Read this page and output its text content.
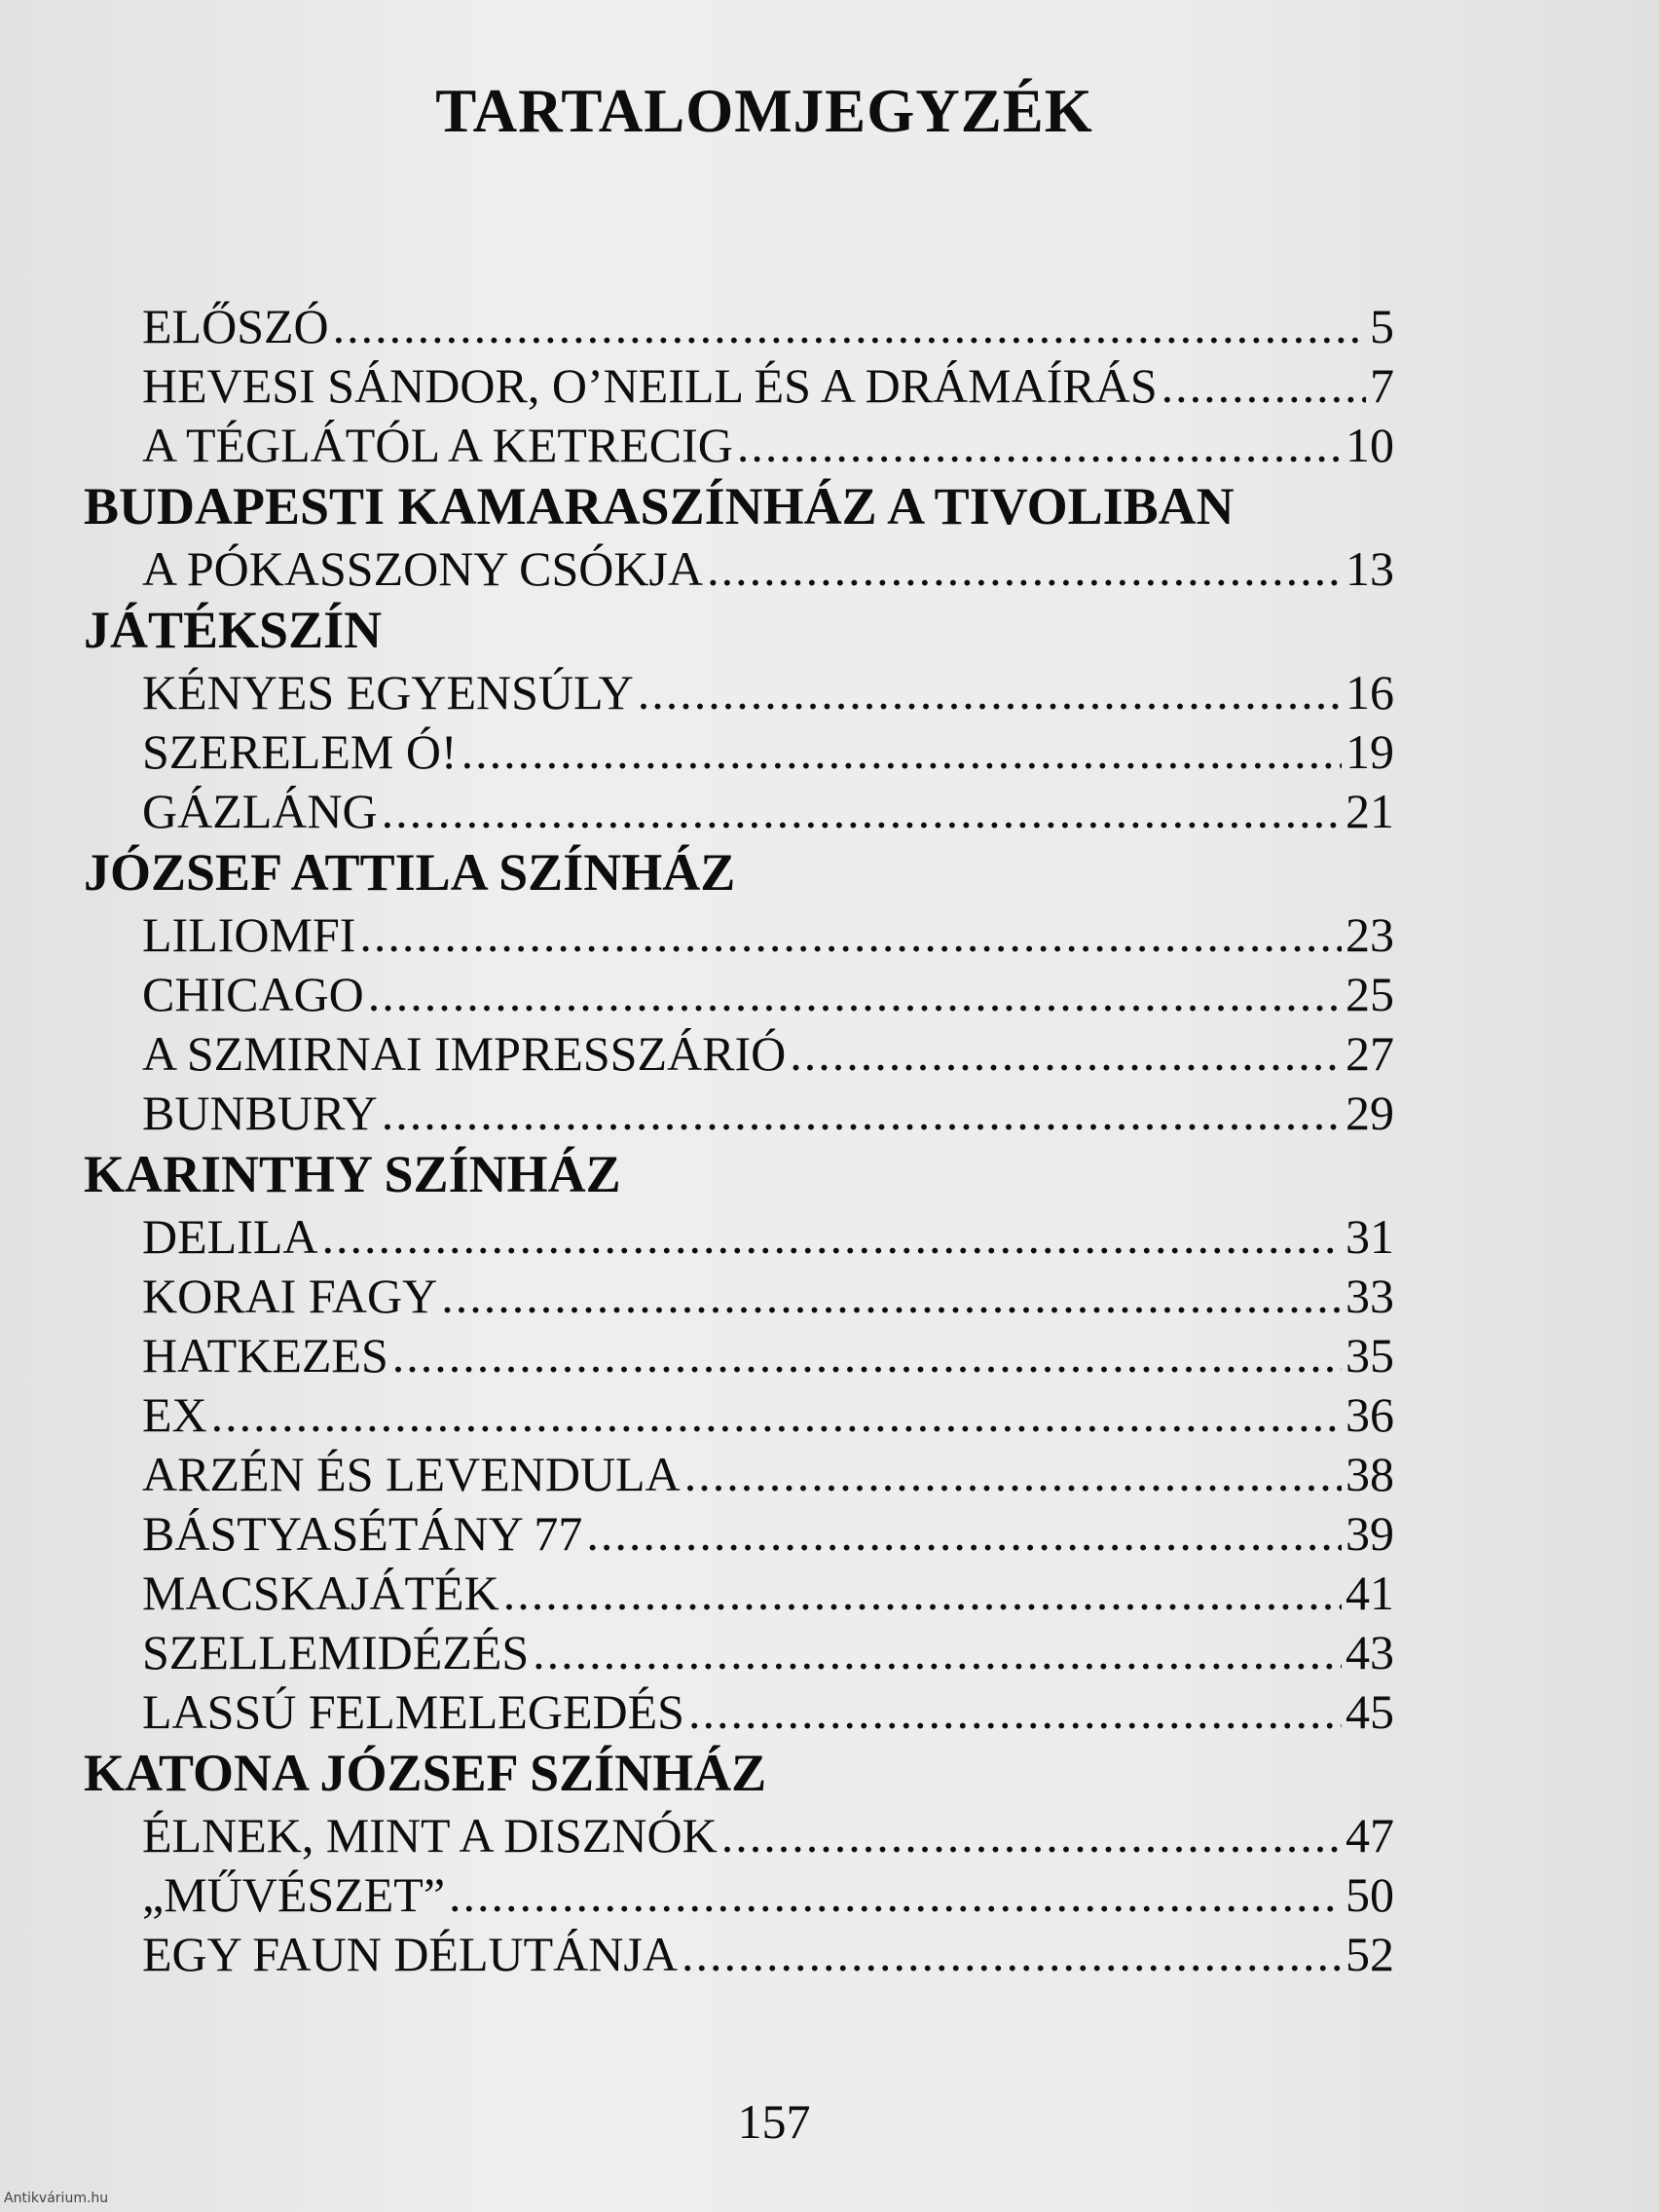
TARTALOMJEGYZÉK
ELŐSZÓ .....	5
HEVESI SÁNDOR, O’NEILL ÉS A DRÁMAÍRÁS .....	7
A TÉGLÁTÓL A KETRECIG .....	10
BUDAPESTI KAMARASZÍNHÁZ A TIVOLIBAN
A PÓKASSZONY CSÓKJA .....	13
JÁTÉKSZÍN
KÉNYES EGYENSÚLY .....	16
SZERELEM Ó! .....	19
GÁZLÁNG .....	21
JÓZSEF ATTILA SZÍNHÁZ
LILIOMFI .....	23
CHICAGO .....	25
A SZMIRNAI IMPRESSZÁRIÓ .....	27
BUNBURY .....	29
KARINTHY SZÍNHÁZ
DELILA .....	31
KORAI FAGY .....	33
HATKEZES .....	35
EX .....	36
ARZÉN ÉS LEVENDULA .....	38
BÁSTYASÉTÁNY 77 .....	39
MACSKAJÁTÉK .....	41
SZELLEMIDÉZÉS .....	43
LASSÚ FELMELEGEDÉS .....	45
KATONA JÓZSEF SZÍNHÁZ
ÉLNEK, MINT A DISZNÓK .....	47
„MŰVÉSZET” .....	50
EGY FAUN DÉLUTÁNJA .....	52
157
Antikvárium.hu
